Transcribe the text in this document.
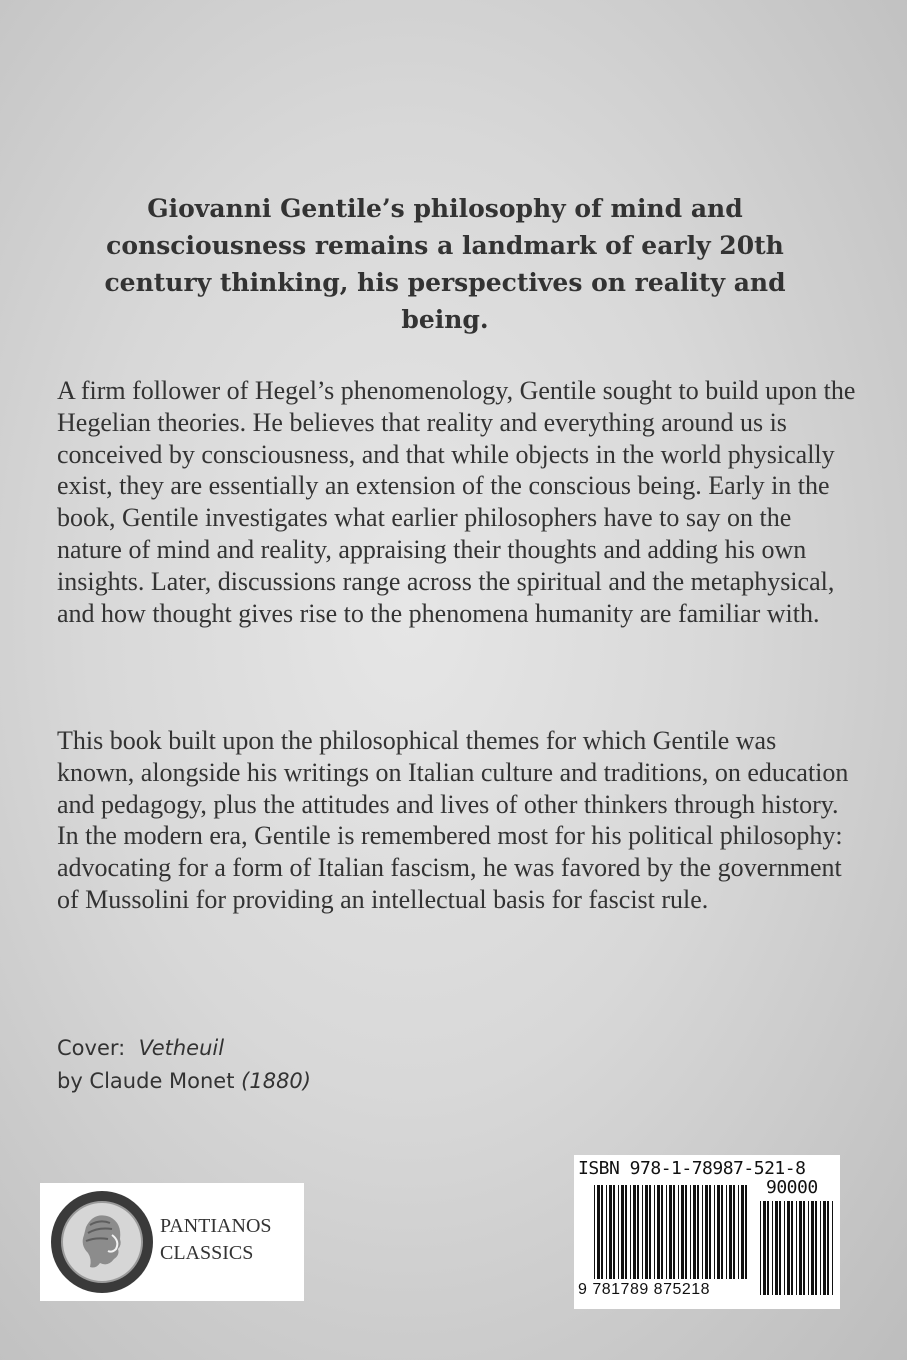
Giovanni Gentile’s philosophy of mind and consciousness remains a landmark of early 20th century thinking, his perspectives on reality and being.
A firm follower of Hegel’s phenomenology, Gentile sought to build upon the Hegelian theories. He believes that reality and everything around us is conceived by consciousness, and that while objects in the world physically exist, they are essentially an extension of the conscious being. Early in the book, Gentile investigates what earlier philosophers have to say on the nature of mind and reality, appraising their thoughts and adding his own insights. Later, discussions range across the spiritual and the metaphysical, and how thought gives rise to the phenomena humanity are familiar with.
This book built upon the philosophical themes for which Gentile was known, alongside his writings on Italian culture and traditions, on education and pedagogy, plus the attitudes and lives of other thinkers through history. In the modern era, Gentile is remembered most for his political philosophy: advocating for a form of Italian fascism, he was favored by the government of Mussolini for providing an intellectual basis for fascist rule.
Cover: Vetheuil
by Claude Monet (1880)
PANTIANOS
CLASSICS
ISBN 978-1-78987-521-8
90000
9 781789 875218
